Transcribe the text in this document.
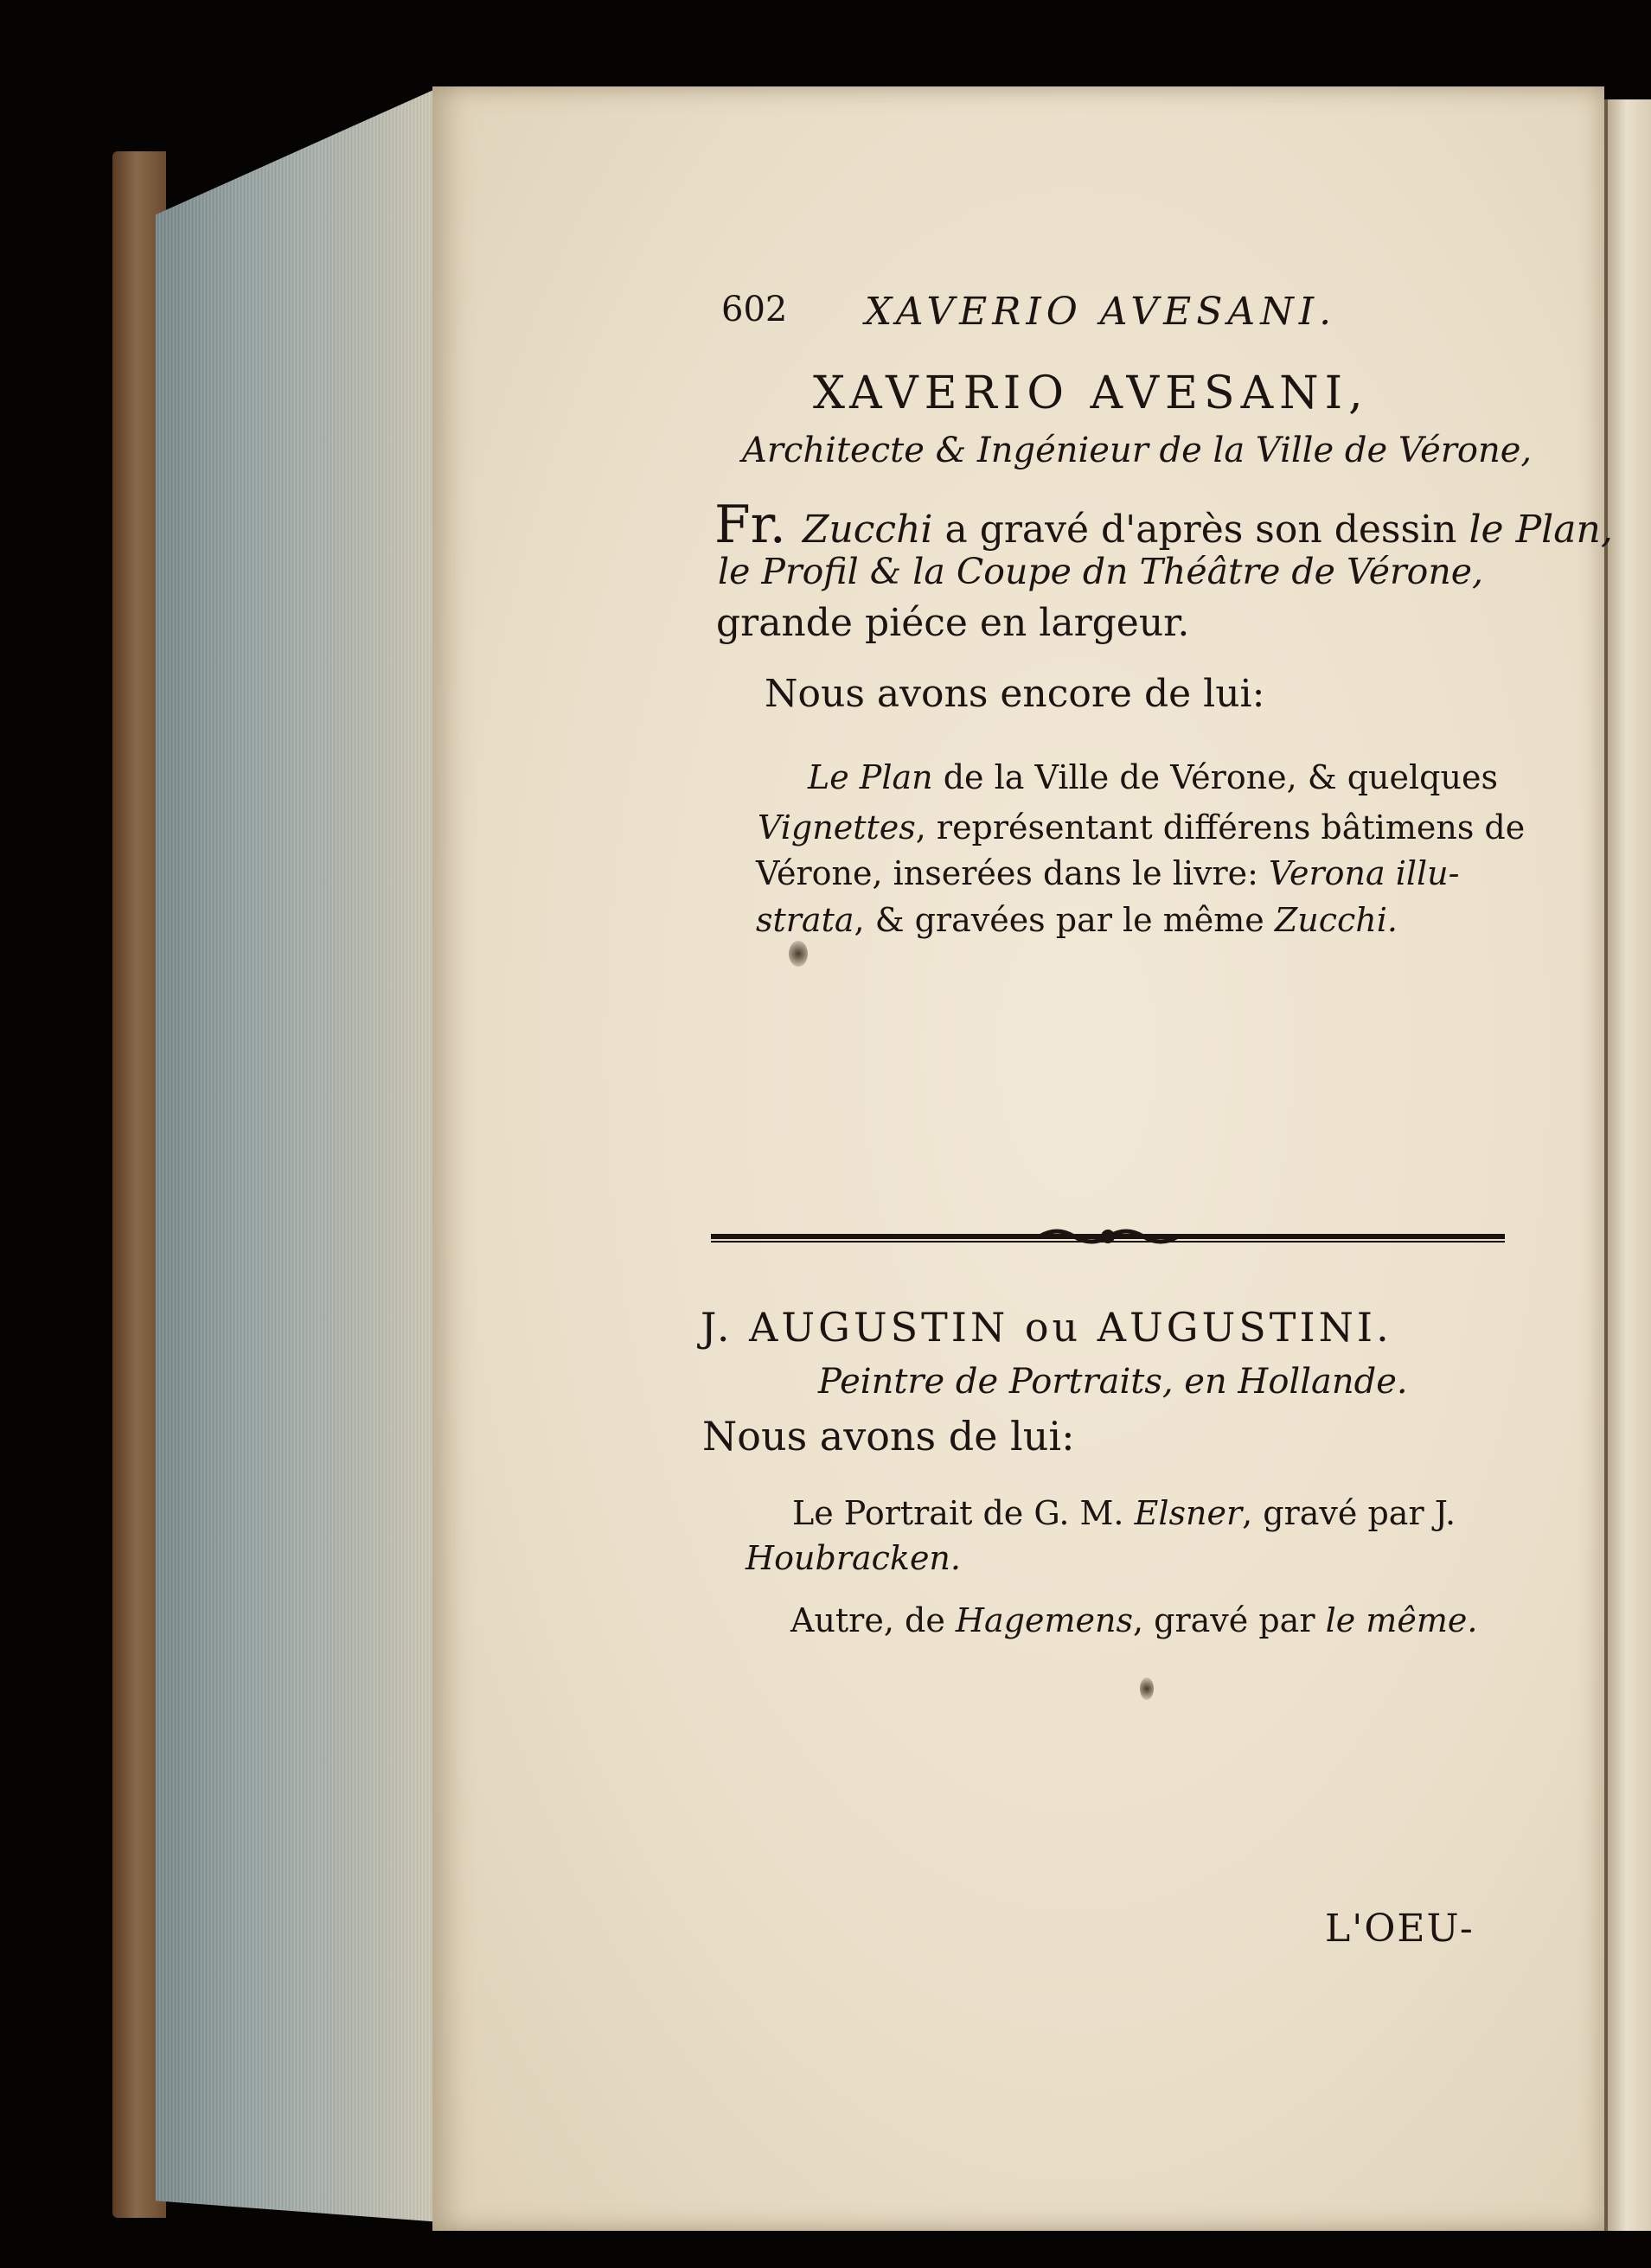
602 XAVERIO AVESANI.
XAVERIO AVESANI,
Architecte & Ingénieur de la Ville de Vérone,
Fr. Zucchi a gravé d'après son dessin le Plan,
le Profil & la Coupe dn Théâtre de Vérone,
grande piéce en largeur.
Nous avons encore de lui:
Le Plan de la Ville de Vérone, & quelques
Vignettes, représentant différens bâtimens de
Vérone, inserées dans le livre: Verona illu-
strata, & gravées par le même Zucchi.
J. AUGUSTIN ou AUGUSTINI.
Peintre de Portraits, en Hollande.
Nous avons de lui:
Le Portrait de G. M. Elsner, gravé par J.
Houbracken.
Autre, de Hagemens, gravé par le même.
L'OEU-
